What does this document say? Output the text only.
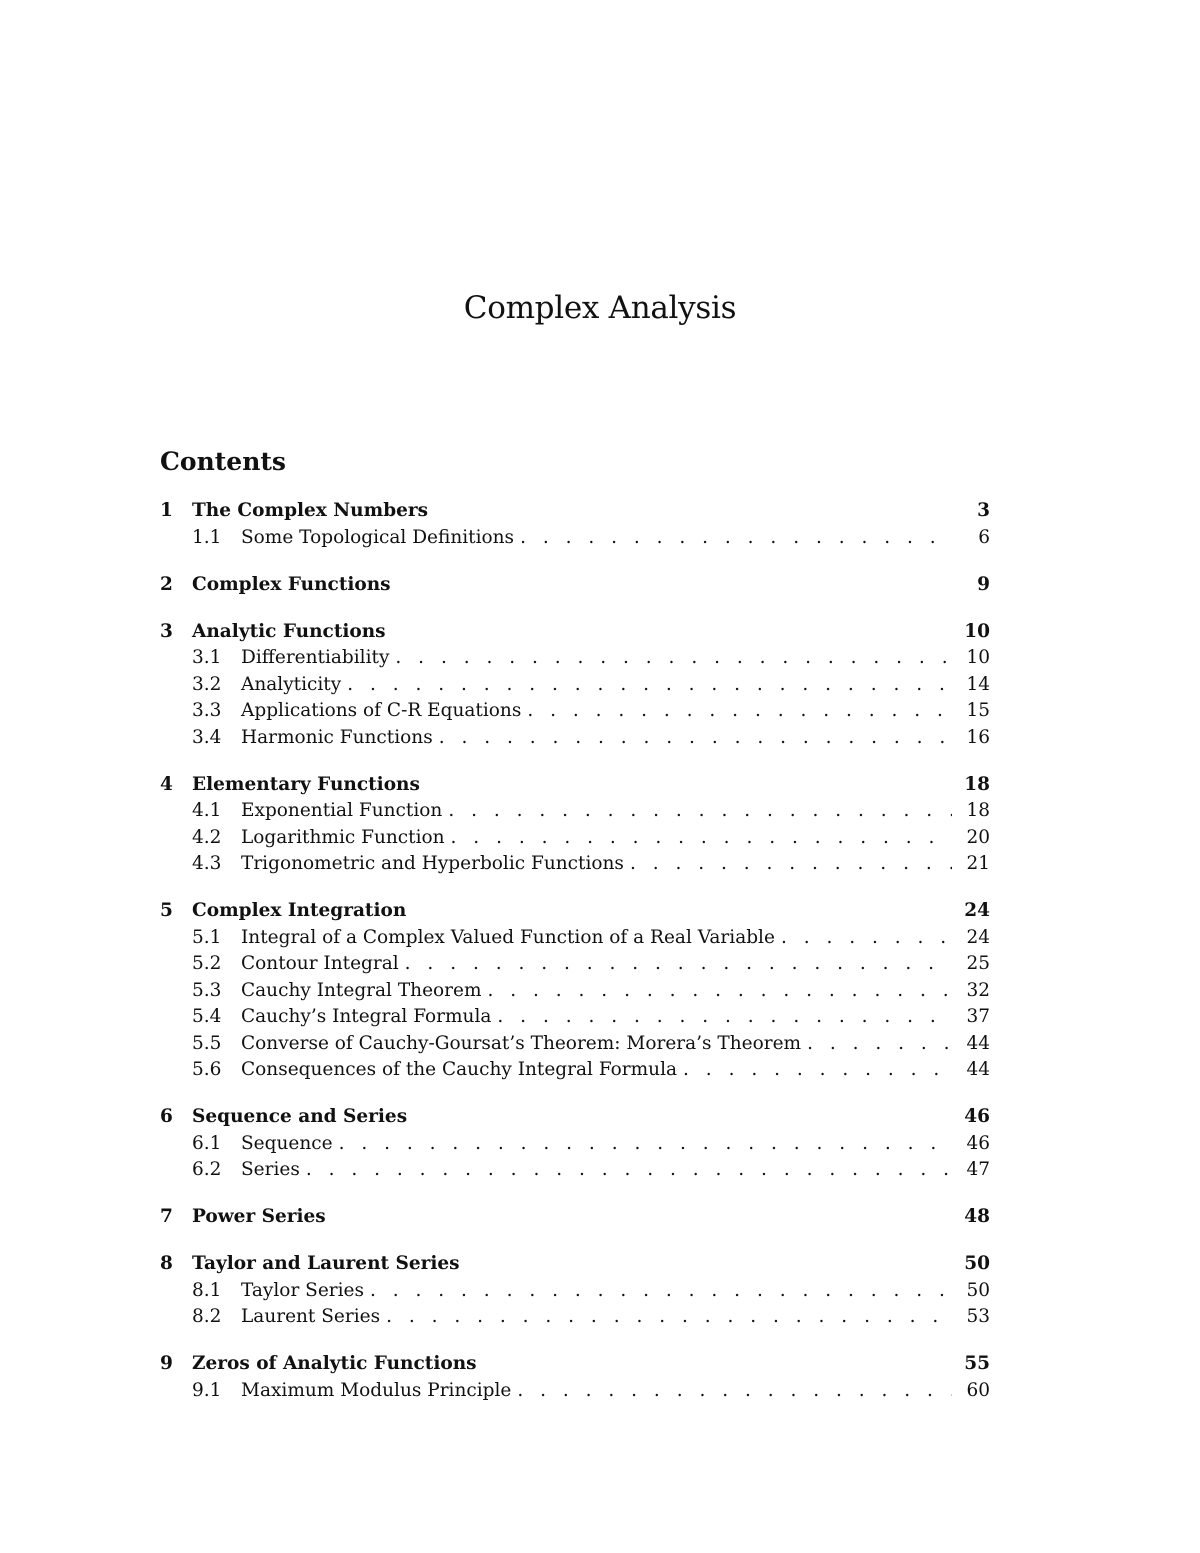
Complex Analysis
Contents
1	The Complex Numbers	3
1.1	Some Topological Definitions . . .	6
2	Complex Functions	9
3	Analytic Functions	10
3.1	Differentiability . . .	10
3.2	Analyticity . . .	14
3.3	Applications of C-R Equations . . .	15
3.4	Harmonic Functions . . .	16
4	Elementary Functions	18
4.1	Exponential Function . . .	18
4.2	Logarithmic Function . . .	20
4.3	Trigonometric and Hyperbolic Functions . . .	21
5	Complex Integration	24
5.1	Integral of a Complex Valued Function of a Real Variable . . .	24
5.2	Contour Integral . . .	25
5.3	Cauchy Integral Theorem . . .	32
5.4	Cauchy’s Integral Formula . . .	37
5.5	Converse of Cauchy-Goursat’s Theorem: Morera’s Theorem . . .	44
5.6	Consequences of the Cauchy Integral Formula . . .	44
6	Sequence and Series	46
6.1	Sequence . . .	46
6.2	Series . . .	47
7	Power Series	48
8	Taylor and Laurent Series	50
8.1	Taylor Series . . .	50
8.2	Laurent Series . . .	53
9	Zeros of Analytic Functions	55
9.1	Maximum Modulus Principle . . .	60
